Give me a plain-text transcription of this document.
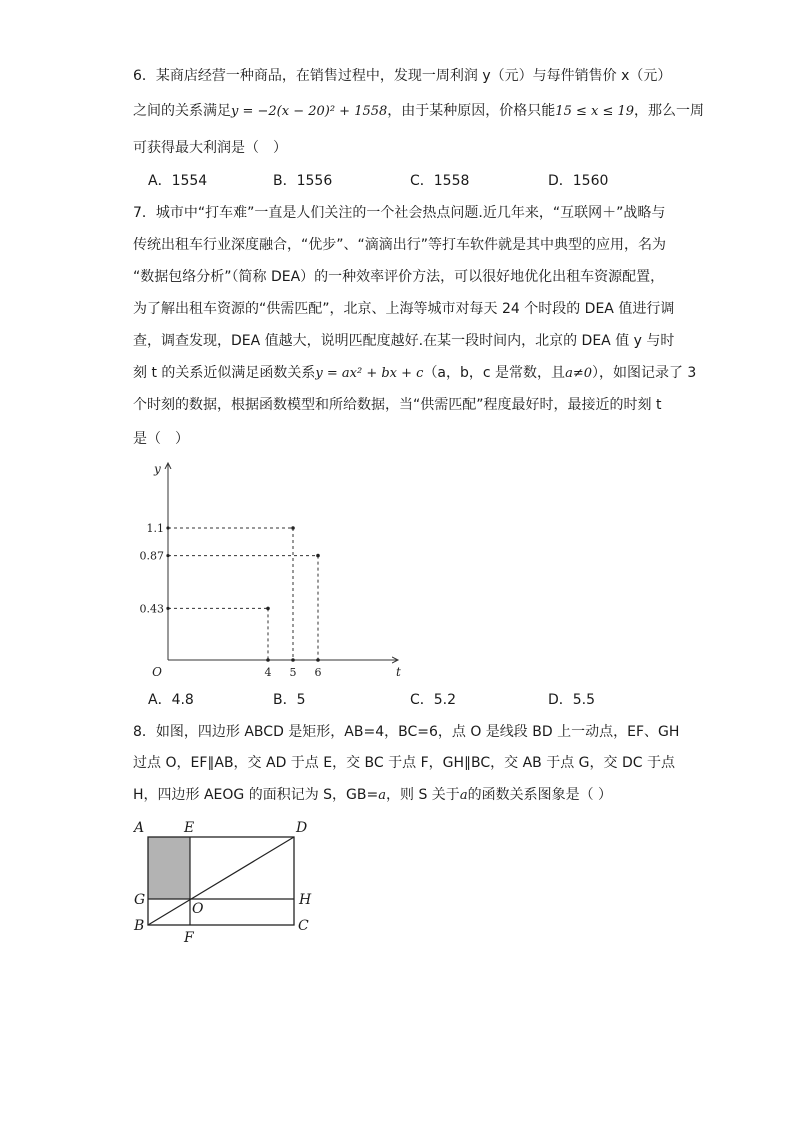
6．某商店经营一种商品，在销售过程中，发现一周利润 y（元）与每件销售价 x（元）
之间的关系满足y = −2(x − 20)² + 1558，由于某种原因，价格只能15 ≤ x ≤ 19，那么一周
可获得最大利润是（　）
A．1554	B．1556	C．1558	D．1560
7．城市中“打车难”一直是人们关注的一个社会热点问题.近几年来，“互联网＋”战略与
传统出租车行业深度融合，“优步”、“滴滴出行”等打车软件就是其中典型的应用，名为
“数据包络分析”（简称 DEA）的一种效率评价方法，可以很好地优化出租车资源配置，
为了解出租车资源的“供需匹配”，北京、上海等城市对每天 24 个时段的 DEA 值进行调
查，调查发现，DEA 值越大，说明匹配度越好.在某一段时间内，北京的 DEA 值 y 与时
刻 t 的关系近似满足函数关系y = ax² + bx + c（a，b，c 是常数，且a≠0），如图记录了 3
个时刻的数据，根据函数模型和所给数据，当“供需匹配”程度最好时，最接近的时刻 t
是（　）
4 5 6
0.43
0.87
1.1
O	t
y
A．4.8	B．5	C．5.2	D．5.5
8．如图，四边形 ABCD 是矩形，AB=4，BC=6，点 O 是线段 BD 上一动点，EF、GH
过点 O，EF∥AB，交 AD 于点 E，交 BC 于点 F，GH∥BC，交 AB 于点 G，交 DC 于点
H，四边形 AEOG 的面积记为 S，GB=a，则 S 关于a的函数关系图象是（ ）
A	E	D
G
O
H
B
F
C
